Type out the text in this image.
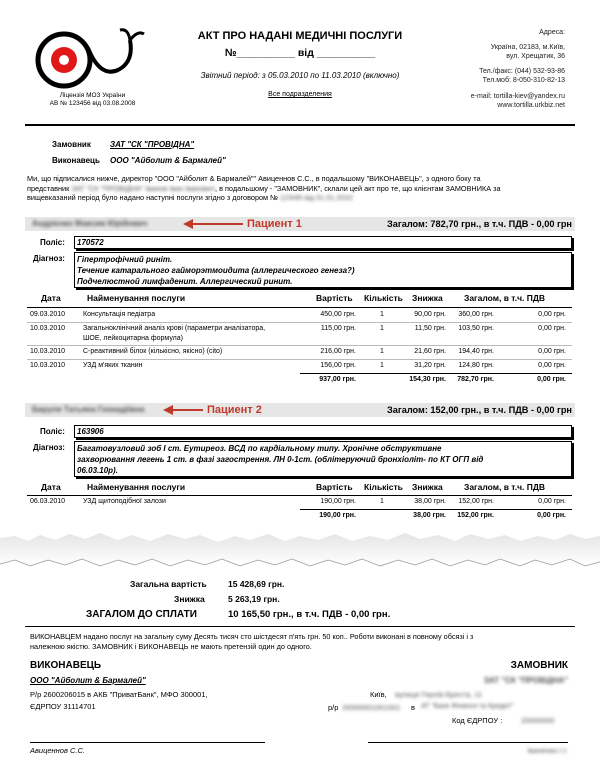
Ліцензія МОЗ України
АВ № 123456 від 03.08.2008
АКТ ПРО НАДАНІ МЕДИЧНІ ПОСЛУГИ
№__________ від __________
Звітний період: з 05.03.2010 по 11.03.2010 (включно)
Все подразделения
Адреса:
Україна, 02183, м.Київ,
вул. Хрещатик, 36
Тел./факс: (044) 532-93-86
Тел.моб: 8-050-310-82-13
e-mail: tortilla-kiev@yandex.ru
www.tortilla.urkbiz.net
Замовник ЗАТ "СК "ПРОВІДНА"
Виконавець ООО "Айболит & Бармалей"
Ми, що підписалися нижче, директор "ООО "Айболит & Бармалей"" Авиценнов С.С., в подальшому "ВИКОНАВЕЦЬ", з одного боку та
представник ЗАТ "СК "ПРОВІДНА" Іванов Іван Іванович, в подальшому - "ЗАМОВНИК", склали цей акт про те, що клієнтам ЗАМОВНИКА за
вищевказаний період було надано наступні послуги згідно з договором № 123/45 від 01.01.2010
Андрієнко Максим Юрійович	Пациент 1	Загалом: 782,70 грн., в т.ч. ПДВ - 0,00 грн
Поліс: 170572
Діагноз: Гіпертрофічний риніт.
Течение катарального гайморэтмоидита (аллергического генеза?)
Подчелюстной лимфаденит. Аллергический ринит.
Дата	Найменування послуги	Вартість Кількість Знижка	Загалом, в т.ч. ПДВ
09.03.2010	Консультація педіатра	450,00 грн.	1	90,00 грн.	360,00 грн.	0,00 грн.
10.03.2010	Загальноклінічний аналіз крові (параметри аналізатора,
ШОЕ, лейкоцитарна формула)
115,00 грн.	1	11,50 грн.	103,50 грн.	0,00 грн.
10.03.2010	С-реактивний білок (кількісно, якісно) (cito)	216,00 грн.	1	21,60 грн.	194,40 грн.	0,00 грн.
10.03.2010	УЗД м'яких тканин	156,00 грн.	1	31,20 грн.	124,80 грн.	0,00 грн.
937,00 грн.	154,30 грн.	782,70 грн.	0,00 грн.
Бируля Татьяна Геннадіївна	Пациент 2	Загалом: 152,00 грн., в т.ч. ПДВ - 0,00 грн
Поліс: 163906
Діагноз: Багатовузловий зоб І ст. Еутиреоз. ВСД по кардіальному типу. Хронічне обструктивне
захворювання легень 1 ст. в фазі загострення. ЛН 0-1ст. (облітеруючий бронхіоліт- по КТ ОГП від
06.03.10р).
Дата	Найменування послуги	Вартість Кількість Знижка	Загалом, в т.ч. ПДВ
06.03.2010	УЗД щитоподібної залози	190,00 грн.	1	38,00 грн.	152,00 грн.	0,00 грн.
190,00 грн.	38,00 грн.	152,00 грн.	0,00 грн.
Загальна вартість	15 428,69 грн.
Знижка	5 263,19 грн.
ЗАГАЛОМ ДО СПЛАТИ	10 165,50 грн., в т.ч. ПДВ - 0,00 грн.
ВИКОНАВЦЕМ надано послуг на загальну суму Десять тисяч сто шістдесят п'ять грн. 50 коп.. Роботи виконані в повному обсязі і з
належною якістю. ЗАМОВНИК і ВИКОНАВЕЦЬ не мають претензій один до одного.
ВИКОНАВЕЦЬ
ООО "Айболит & Бармалей"
Р/р 2600206015 в АКБ "ПриватБанк", МФО 300001,
ЄДРПОУ 31114701
Авиценнов С.С.
ЗАМОВНИК
ЗАТ "СК "ПРОВІДНА"
Київ, вулиця Героїв Бреста, 11
р/р 26500001001001 в АТ "Банк Фінанси та Кредит"
Код ЄДРПОУ : 20000000
Іваненко І.І.
